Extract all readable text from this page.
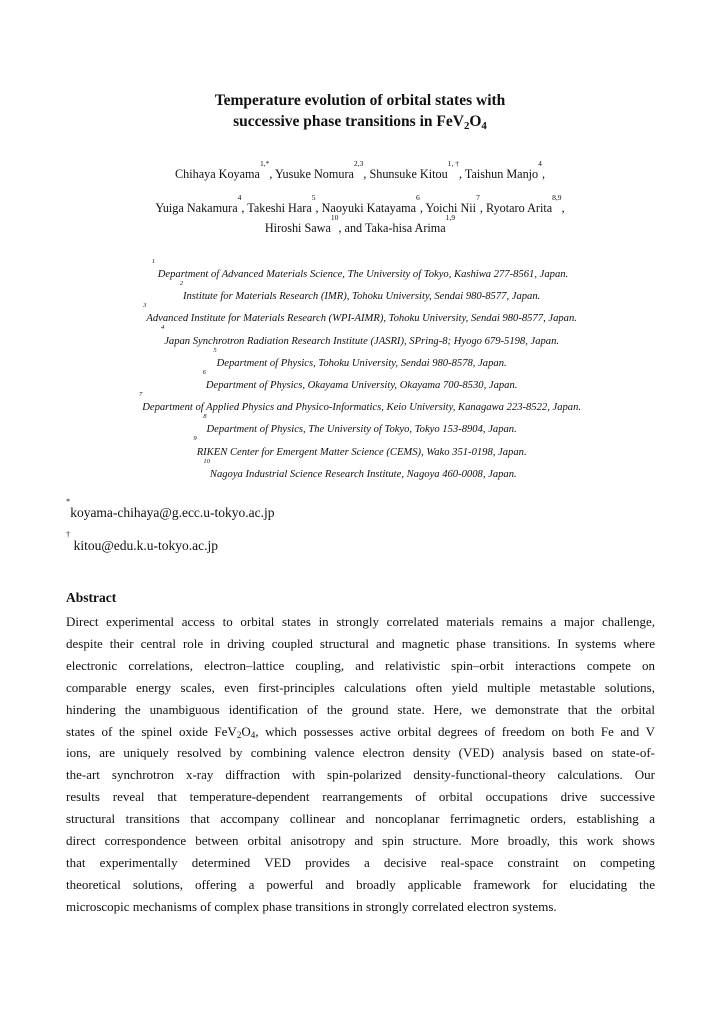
Temperature evolution of orbital states with
successive phase transitions in $FeV_2O_4$
Chihaya Koyama$^{1,*}$, Yusuke Nomura$^{2,3}$, Shunsuke Kitou$^{1, \dagger}$, Taishun Manjo$^4$,
Yuiga Nakamura$^4$, Takeshi Hara$^5$, Naoyuki Katayama$^6$, Yoichi Nii$^7$, Ryotaro Arita$^{8,9}$,
Hiroshi Sawa$^{10}$, and Taka-hisa Arima$^{1,9}$
$^1$ Department of Advanced Materials Science, The University of Tokyo, Kashiwa 277-8561, Japan.
$^2$Institute for Materials Research (IMR), Tohoku University, Sendai 980-8577, Japan.
$^3$Advanced Institute for Materials Research (WPI-AIMR), Tohoku University, Sendai 980-8577, Japan.
$^4$Japan Synchrotron Radiation Research Institute (JASRI), SPring-8; Hyogo 679-5198, Japan.
$^5$Department of Physics, Tohoku University, Sendai 980-8578, Japan.
$^6$Department of Physics, Okayama University, Okayama 700-8530, Japan.
$^7$Department of Applied Physics and Physico-Informatics, Keio University, Kanagawa 223-8522, Japan.
$^8$Department of Physics, The University of Tokyo, Tokyo 153-8904, Japan.
$^9$RIKEN Center for Emergent Matter Science (CEMS), Wako 351-0198, Japan.
$^{10}$Nagoya Industrial Science Research Institute, Nagoya 460-0008, Japan.
*koyama-chihaya@g.ecc.u-tokyo.ac.jp
† kitou@edu.k.u-tokyo.ac.jp
Abstract
Direct experimental access to orbital states in strongly correlated materials remains a major challenge,
despite their central role in driving coupled structural and magnetic phase transitions. In systems where
electronic correlations, electron–lattice coupling, and relativistic spin–orbit interactions compete on
comparable energy scales, even first-principles calculations often yield multiple metastable solutions,
hindering the unambiguous identification of the ground state. Here, we demonstrate that the orbital
states of the spinel oxide $FeV_2O_4$, which possesses active orbital degrees of freedom on both Fe and V
ions, are uniquely resolved by combining valence electron density (VED) analysis based on state-of-
the-art synchrotron x-ray diffraction with spin-polarized density-functional-theory calculations. Our
results reveal that temperature-dependent rearrangements of orbital occupations drive successive
structural transitions that accompany collinear and noncoplanar ferrimagnetic orders, establishing a
direct correspondence between orbital anisotropy and spin structure. More broadly, this work shows
that experimentally determined VED provides a decisive real-space constraint on competing
theoretical solutions, offering a powerful and broadly applicable framework for elucidating the
microscopic mechanisms of complex phase transitions in strongly correlated electron systems.
